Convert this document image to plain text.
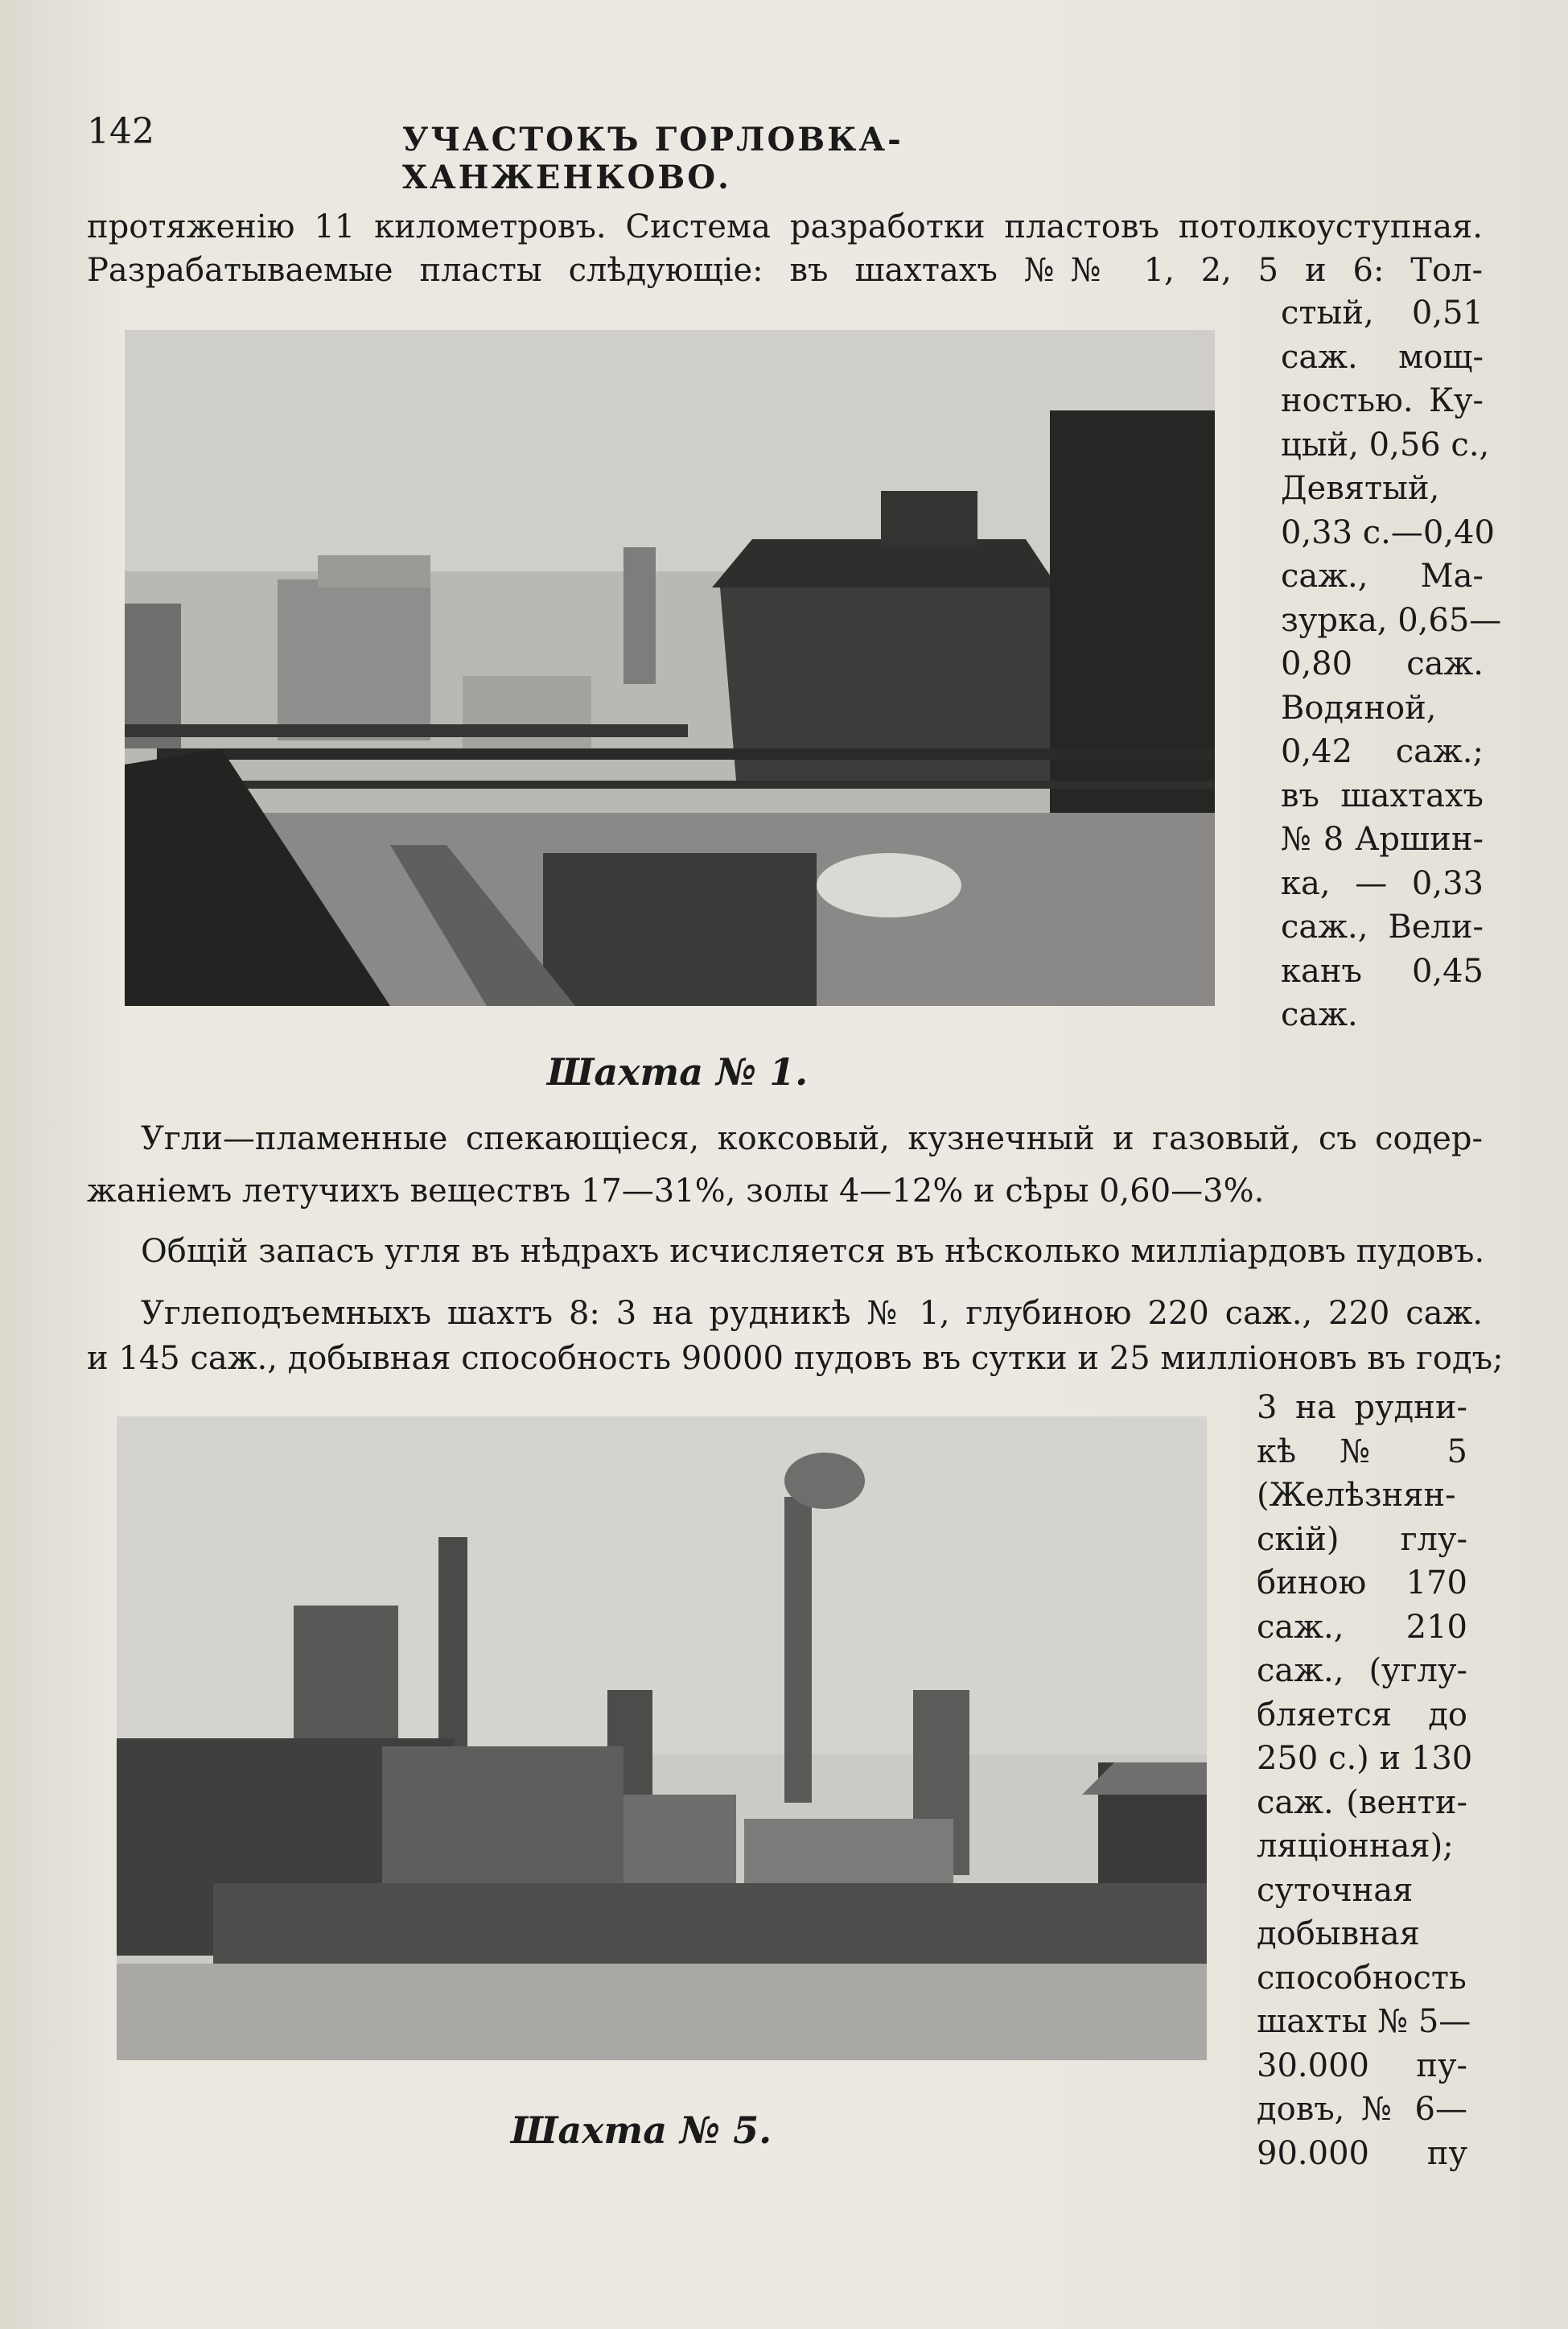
142	УЧАСТОКЪ ГОРЛОВКА-ХАНЖЕНКОВО.
протяженію 11 километровъ. Система разработки пластовъ потолкоуступная.
Разрабатываемые пласты слѣдующіе: въ шахтахъ №№ 1, 2, 5 и 6: Тол-
стый, 0,51
саж. мощ-
ностью. Ку-
цый, 0,56 с.,
Девятый,
0,33 с.—0,40
саж., Ма-
зурка, 0,65—
0,80 саж.
Водяной,
0,42 саж.;
въ шахтахъ
№ 8 Аршин-
ка, — 0,33
саж., Вели-
канъ 0,45
саж.
Шахта № 1.
Угли—пламенные спекающіеся, коксовый, кузнечный и газовый, съ содер-
жаніемъ летучихъ веществъ 17—31%, золы 4—12% и сѣры 0,60—3%.
Общій запасъ угля въ нѣдрахъ исчисляется въ нѣсколько милліардовъ пудовъ.
Углеподъемныхъ шахтъ 8: 3 на рудникѣ № 1, глубиною 220 саж., 220 саж.
и 145 саж., добывная способность 90000 пудовъ въ сутки и 25 милліоновъ въ годъ;
3 на рудни-
кѣ № 5
(Желѣзнян-
скій) глу-
биною 170
саж., 210
саж., (углу-
бляется до
250 с.) и 130
саж. (венти-
ляціонная);
суточная
добывная
способность
шахты № 5—
30.000 пу-
довъ, № 6—
90.000 пу
Шахта № 5.
